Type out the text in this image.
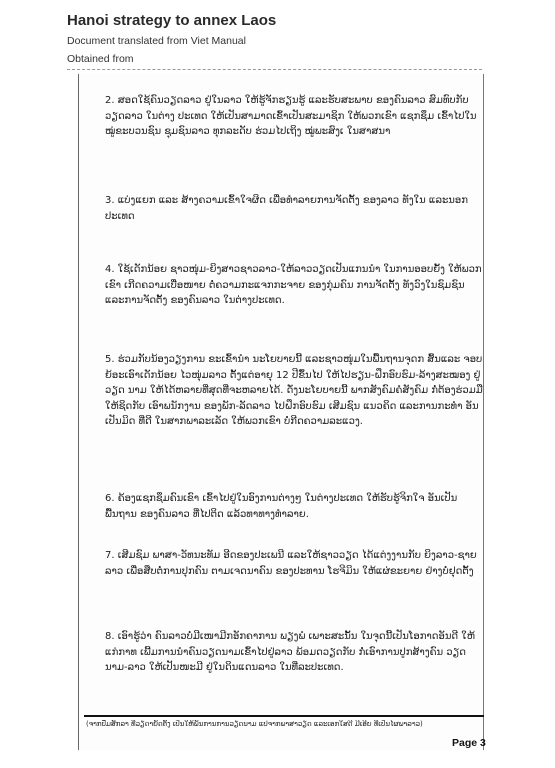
Hanoi strategy to annex Laos

Document translated from Viet Manual

Obtained from

2. ສອດໃຊ້ຄົນວຽດລາວ ຢູ່ໃນລາວ ໃຫ້ຮູ້ຈັກຮຽນຮູ້ ແລະຮັບສະພາບ ຂອງຄົນລາວ ສົມທົບກັບວຽດລາວ ໃນຕ່າງ ປະເທດ ໃຫ້ເປັນສາມາດເຂົ້າເປັນສະມາຊິກ ໃຫ້ພວກເຂົາ ແຊກຊຶມ ເຂົ້າໄປໃນໝູ່ຂະບວນຊົນ ຊຸມຊົນລາວ ທຸກລະດັບ ຮ່ວມໄປເຖິງ ໝູ່ພະສົງເ ໃນສາສນາ

3. ແບ່ງແຍກ ແລະ ສ້າງຄວາມເຂົ້າໃຈຜິດ ເພື່ອທຳລາຍການຈັດຕັ້ງ ຂອງລາວ ທັງໃນ ແລະນອກປະເທດ

4. ໃຊ້ເດັກນ້ອຍ ຊາວໜຸ່ມ-ຍິງສາວຊາວລາວ-ໃຫ້ລາວວຽດເປັນແກນນຳ ໃນການອອບຍັ້ງ ໃຫ້ພວກເຂົາ ເກີດຄວາມເບື່ອໜາຍ ຕໍ່ຄວາມກະແຈກກະຈາຍ ຂອງກຸ່ມຄົນ ການຈັດຕັ້ງ ທັງວົງໃນຊົມຊົນ ແລະການຈັດຕັ້ງ ຂອງຄົນລາວ ໃນຕ່າງປະເທດ.

5. ຮ່ວມກັບນ້ອງວຽງການ ຂະເຂົ້ານຳ ນະໂຍບາຍນີ້ ແລະຊາວໜຸ່ມໃນພື້ນຖານຈຸດກ ສົ້ນແລະ ຈອບຍ້ອະເອົາເດັກນ້ອຍ ໄວໜຸ່ມລາວ ຕັ້ງແຕ່ອາຍຸ 12 ປີຂຶ້ນໄປ ໃຫ້ໄປຮຽນ-ຝຶກອົບຮົມ-ລ້າງສະໝອງ ຢູ່ວຽດ ນາມ ໃຫ້ໄດ້ຫລາຍທີ່ສຸດທີ່ຈະຫລາຍໄດ້. ດັ່ງນະໂຍບາຍນີ້ ພາກສັງຄົມຄໍສັງຄົມ ກໍ່ຕ້ອງຮ່ວມມືໃຫ້ຊິດກັບ ເອົາພນັກງານ ຂອງພັກ-ລັດລາວ ໄປຝຶກອົບຮົມ ເສີມຊົນ ແນວຄິດ ແລະການກະທຳ ອັນເປັນມິດ ທີ່ດີ ໃນສາກພາລະເລັດ ໃຫ້ພວກເຂົາ ບໍ່ກີດຄວາມລະແວງ.

6. ຄ້ອງແຊກຊຶມຄົນເຂົາ ເຂົ້າໄປຢູ່ໃນອົງການຕ່າງໆ ໃນຕ່າງປະເທດ ໃຫ້ຮັບຮູ້ຈິກໃຈ ອັນເປັນພື້ນຖານ ຂອງຄົນລາວ ທີ່ໄປຕິດ ແລ້ວທາທາງທຳລາຍ.

7. ເສີມຊົມ ພາສາ-ວັທນະທັມ ອີດຂອງປະເພນີ ແລະໃຫ້ຊາວວຽດ ໄດ້ແຕ່ງງານກັບ ຍິງລາວ-ຊາຍລາວ ເພື່ອສືບຕໍ່ການປຸກຄົນ ຕາມເຈດນາຄົນ ຂອງປະທານ ໂຮຈີມິນ ໃຫ້ແຜ່ຂະຍາຍ ຢ່າງບໍ່ຢຸດຕັ້ງ

8. ເອົາຮູ້ວ່າ ຄົນລາວບໍ່ມີເໜາມີກອັກຄາການ ພຽງພໍ ເພາະສະນັ້ນ ໃນຈຸດນີ້ເປັນໂອກາດອັນດີ ໃຫ້ແກ່ກາທ ເພີ້ມການນຳຄົນວຽດນາມເຂົ້າໄປຢູ່ລາວ ພ້ອມດວຽດກັບ ກໍ່ເອົາການປູກສ້າງຄົນ ວຽດນາມ-ລາວ ໃຫ້ເປັນໜະມີ ຢູ່ໃນດິນແດນລາວ ໃນທີ່ລະປະເທດ.

(ຈາກປຶ້ມສັກລາ ທີ່ວຽດາຍັດຕັ້ງ ເປັນໃຫ້ພັນການການວຽດນາມ ແປຈາກພາສາວຽດ ແລະເອກໃສດີ ມີເອີຍ ທີ່ເປັນໄຜພາລາວ)

Page 3
